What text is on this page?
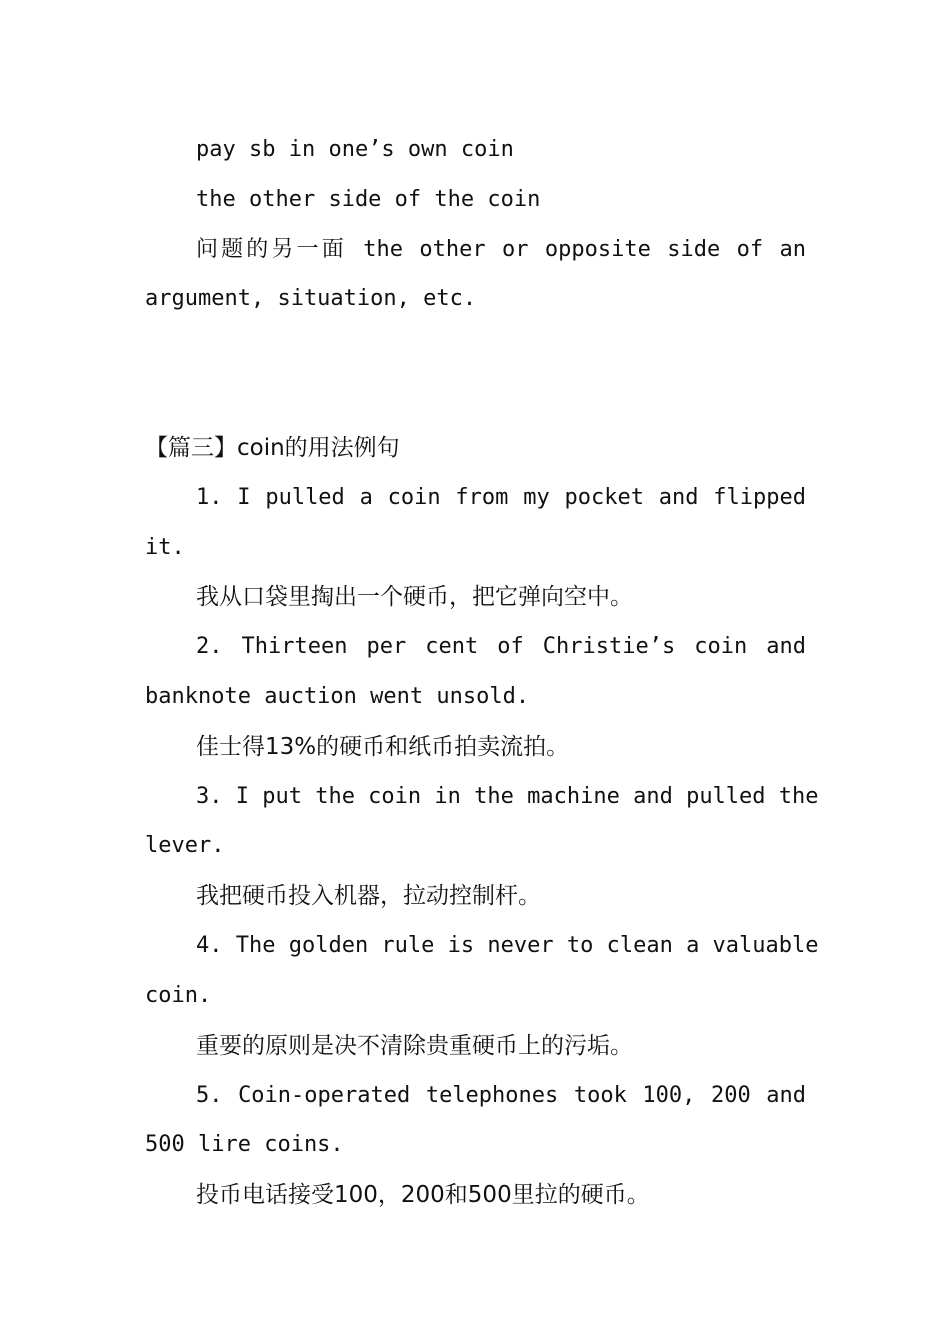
pay sb in one’s own coin
the other side of the coin
问题的另一面 the other or opposite side of an
argument, situation, etc.
【篇三】coin的用法例句
1. I pulled a coin from my pocket and flipped
it.
我从口袋里掏出一个硬币，把它弹向空中。
2. Thirteen per cent of Christie’s coin and
banknote auction went unsold.
佳士得13%的硬币和纸币拍卖流拍。
3. I put the coin in the machine and pulled the
lever.
我把硬币投入机器，拉动控制杆。
4. The golden rule is never to clean a valuable
coin.
重要的原则是决不清除贵重硬币上的污垢。
5. Coin-operated telephones took 100, 200 and
500 lire coins.
投币电话接受100，200和500里拉的硬币。
